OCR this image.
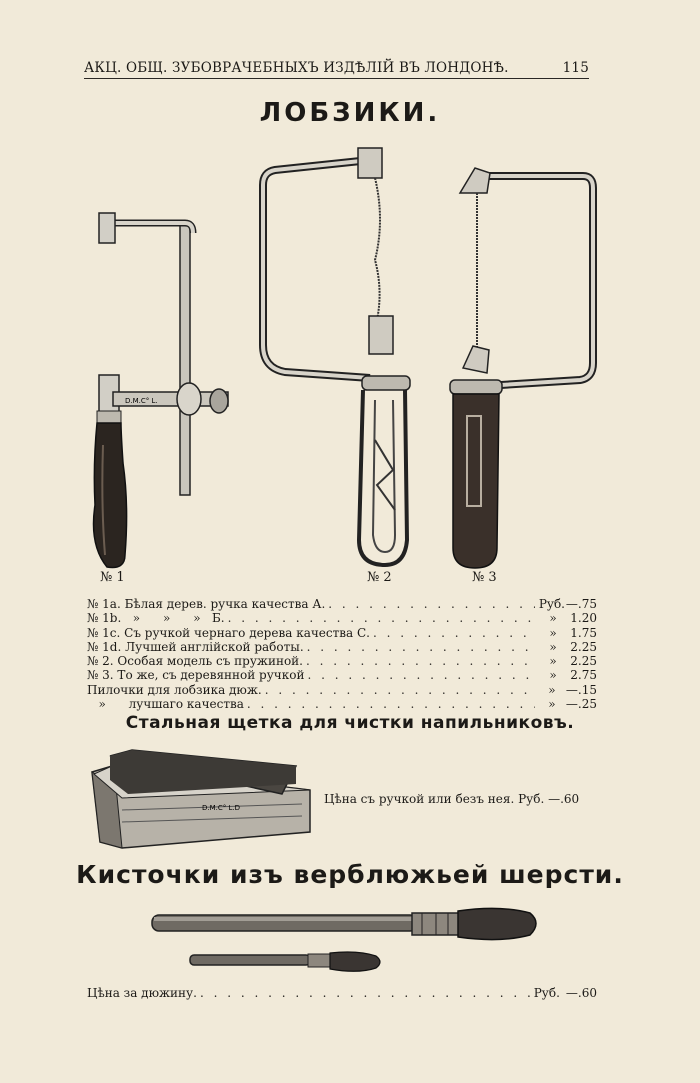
АКЦ. ОБЩ. ЗУБОВРАЧЕБНЫХЪ ИЗДѢЛІЙ ВЪ ЛОНДОНѢ.	115
ЛОБЗИКИ.
D.M.C° L.
№ 1	№ 2	№ 3
№ 1a. Бѣлая дерев. ручка качества А. . . .	Руб. —.75
№ 1b.   »      »      »   Б. . . .	»	1.20
№ 1c. Съ ручкой чернаго дерева качества С. . . .	»	1.75
№ 1d. Лучшей англійской работы. . . .	»	2.25
№ 2. Особая модель съ пружиной. . . .	»	2.25
№ 3. То же, съ деревянной ручкой . . .	»	2.75
Пилочки для лобзика дюж. . . .	» —.15
»      лучшаго качества . . .	» —.25
Стальная щетка для чистки напильниковъ.
D.M.C° L.D
Цѣна съ ручкой или безъ нея. Руб. —.60
Кисточки изъ верблюжьей шерсти.
Цѣна за дюжину. . . .	Руб. —.60
